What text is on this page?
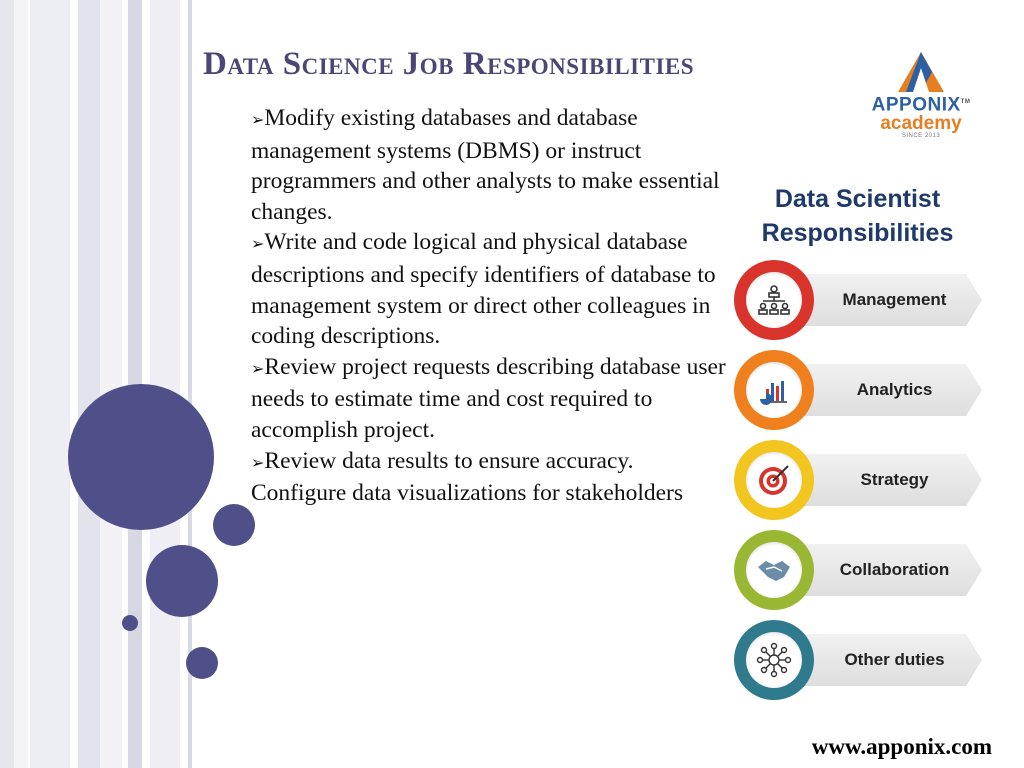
Data Science Job Responsibilities

➢Modify existing databases and database management systems (DBMS) or instruct programmers and other analysts to make essential changes.

➢Write and code logical and physical database descriptions and specify identifiers of database to management system or direct other colleagues in coding descriptions.

➢Review project requests describing database user needs to estimate time and cost required to accomplish project.

➢Review data results to ensure accuracy.

Configure data visualizations for stakeholders

APPONIX™
academy
SINCE 2013
Data Scientist Responsibilities
Management
Analytics
Strategy
Collaboration
Other duties

www.apponix.com
